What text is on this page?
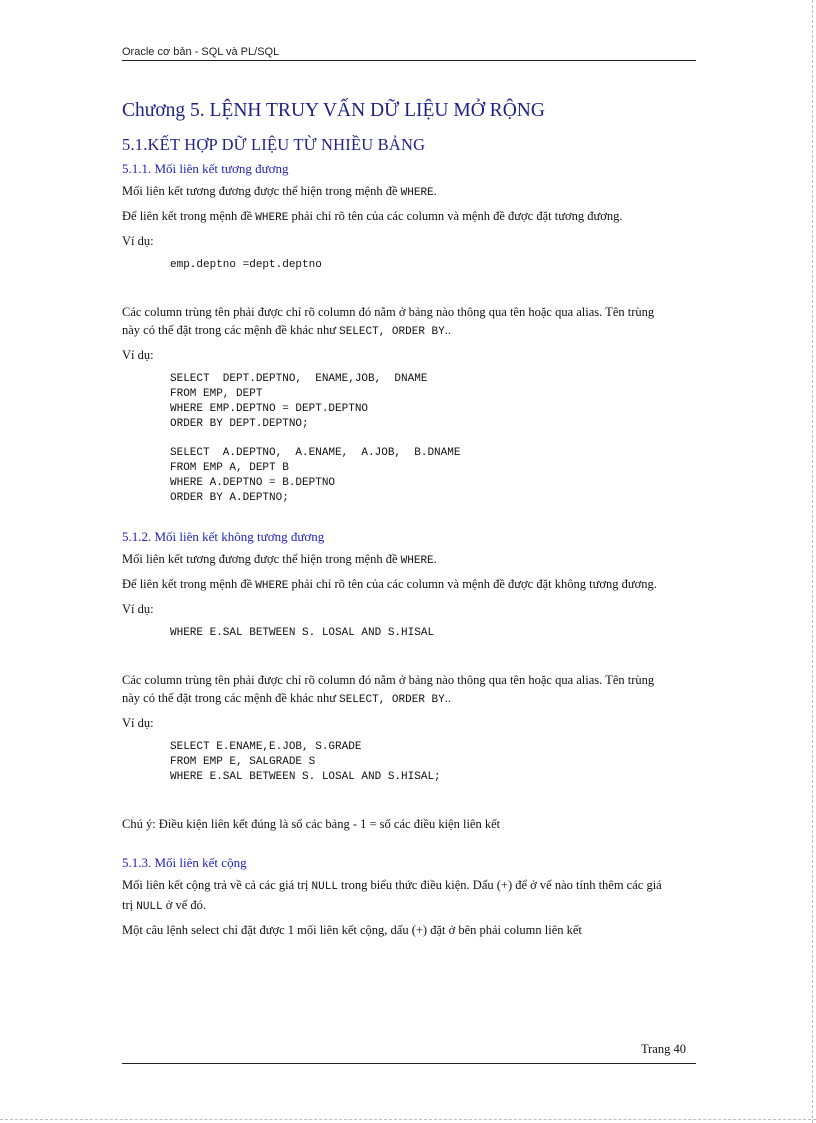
Oracle cơ bản - SQL và PL/SQL
Chương 5. LỆNH TRUY VẤN DỮ LIỆU MỞ RỘNG
5.1.KẾT HỢP DỮ LIỆU TỪ NHIỀU BẢNG
5.1.1. Mối liên kết tương đương

Mối liên kết tương đương được thể hiện trong mệnh đề WHERE.

Để liên kết trong mệnh đề WHERE phải chỉ rõ tên của các column và mệnh đề được đặt tương đương.

Ví dụ:

emp.deptno =dept.deptno

Các column trùng tên phải được chỉ rõ column đó nằm ở bảng nào thông qua tên hoặc qua alias. Tên trùng
này có thể đặt trong các mệnh đề khác như SELECT, ORDER BY..

Ví dụ:

SELECT  DEPT.DEPTNO,  ENAME,JOB,  DNAME
FROM EMP, DEPT
WHERE EMP.DEPTNO = DEPT.DEPTNO
ORDER BY DEPT.DEPTNO;
SELECT  A.DEPTNO,  A.ENAME,  A.JOB,  B.DNAME
FROM EMP A, DEPT B
WHERE A.DEPTNO = B.DEPTNO
ORDER BY A.DEPTNO;
5.1.2. Mối liên kết không tương đương

Mối liên kết tương đương được thể hiện trong mệnh đề WHERE.

Để liên kết trong mệnh đề WHERE phải chỉ rõ tên của các column và mệnh đề được đặt không tương đương.

Ví dụ:

WHERE E.SAL BETWEEN S. LOSAL AND S.HISAL

Các column trùng tên phải được chỉ rõ column đó nằm ở bảng nào thông qua tên hoặc qua alias. Tên trùng
này có thể đặt trong các mệnh đề khác như SELECT, ORDER BY..

Ví dụ:

SELECT E.ENAME,E.JOB, S.GRADE
FROM EMP E, SALGRADE S
WHERE E.SAL BETWEEN S. LOSAL AND S.HISAL;

Chú ý: Điều kiện liên kết đúng là số các bảng - 1 = số các điều kiện liên kết

5.1.3. Mối liên kết cộng

Mối liên kết cộng trả về cả các giá trị NULL trong biểu thức điều kiện. Dấu (+) để ở vế nào tính thêm các giá
trị NULL ở vế đó.

Một câu lệnh select chỉ đặt được 1 mối liên kết cộng, dấu (+) đặt ở bên phải column liên kết

Trang 40
